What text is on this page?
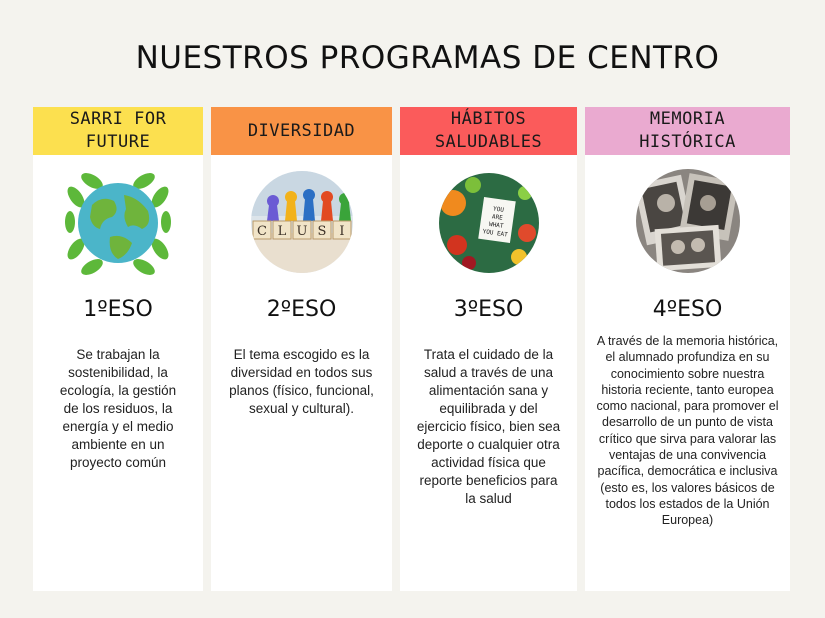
NUESTROS PROGRAMAS DE CENTRO
SARRI FOR
FUTURE
1ºESO
Se trabajan la sostenibilidad, la ecología, la gestión de los residuos, la energía y el medio ambiente en un proyecto común
DIVERSIDAD
C L U S I
2ºESO
El tema escogido es la diversidad en todos sus planos (físico, funcional, sexual y cultural).
HÁBITOS
SALUDABLES
YOU
ARE
WHAT
YOU EAT
3ºESO
Trata el cuidado de la salud a través de una alimentación sana y equilibrada y del ejercicio físico, bien sea deporte o cualquier otra actividad física que reporte beneficios para la salud
MEMORIA
HISTÓRICA
4ºESO
A través de la memoria histórica, el alumnado profundiza en su conocimiento sobre nuestra historia reciente, tanto europea como nacional, para promover el desarrollo de un punto de vista crítico que sirva para valorar las ventajas de una convivencia pacífica, democrática e inclusiva (esto es, los valores básicos de todos los estados de la Unión Europea)
